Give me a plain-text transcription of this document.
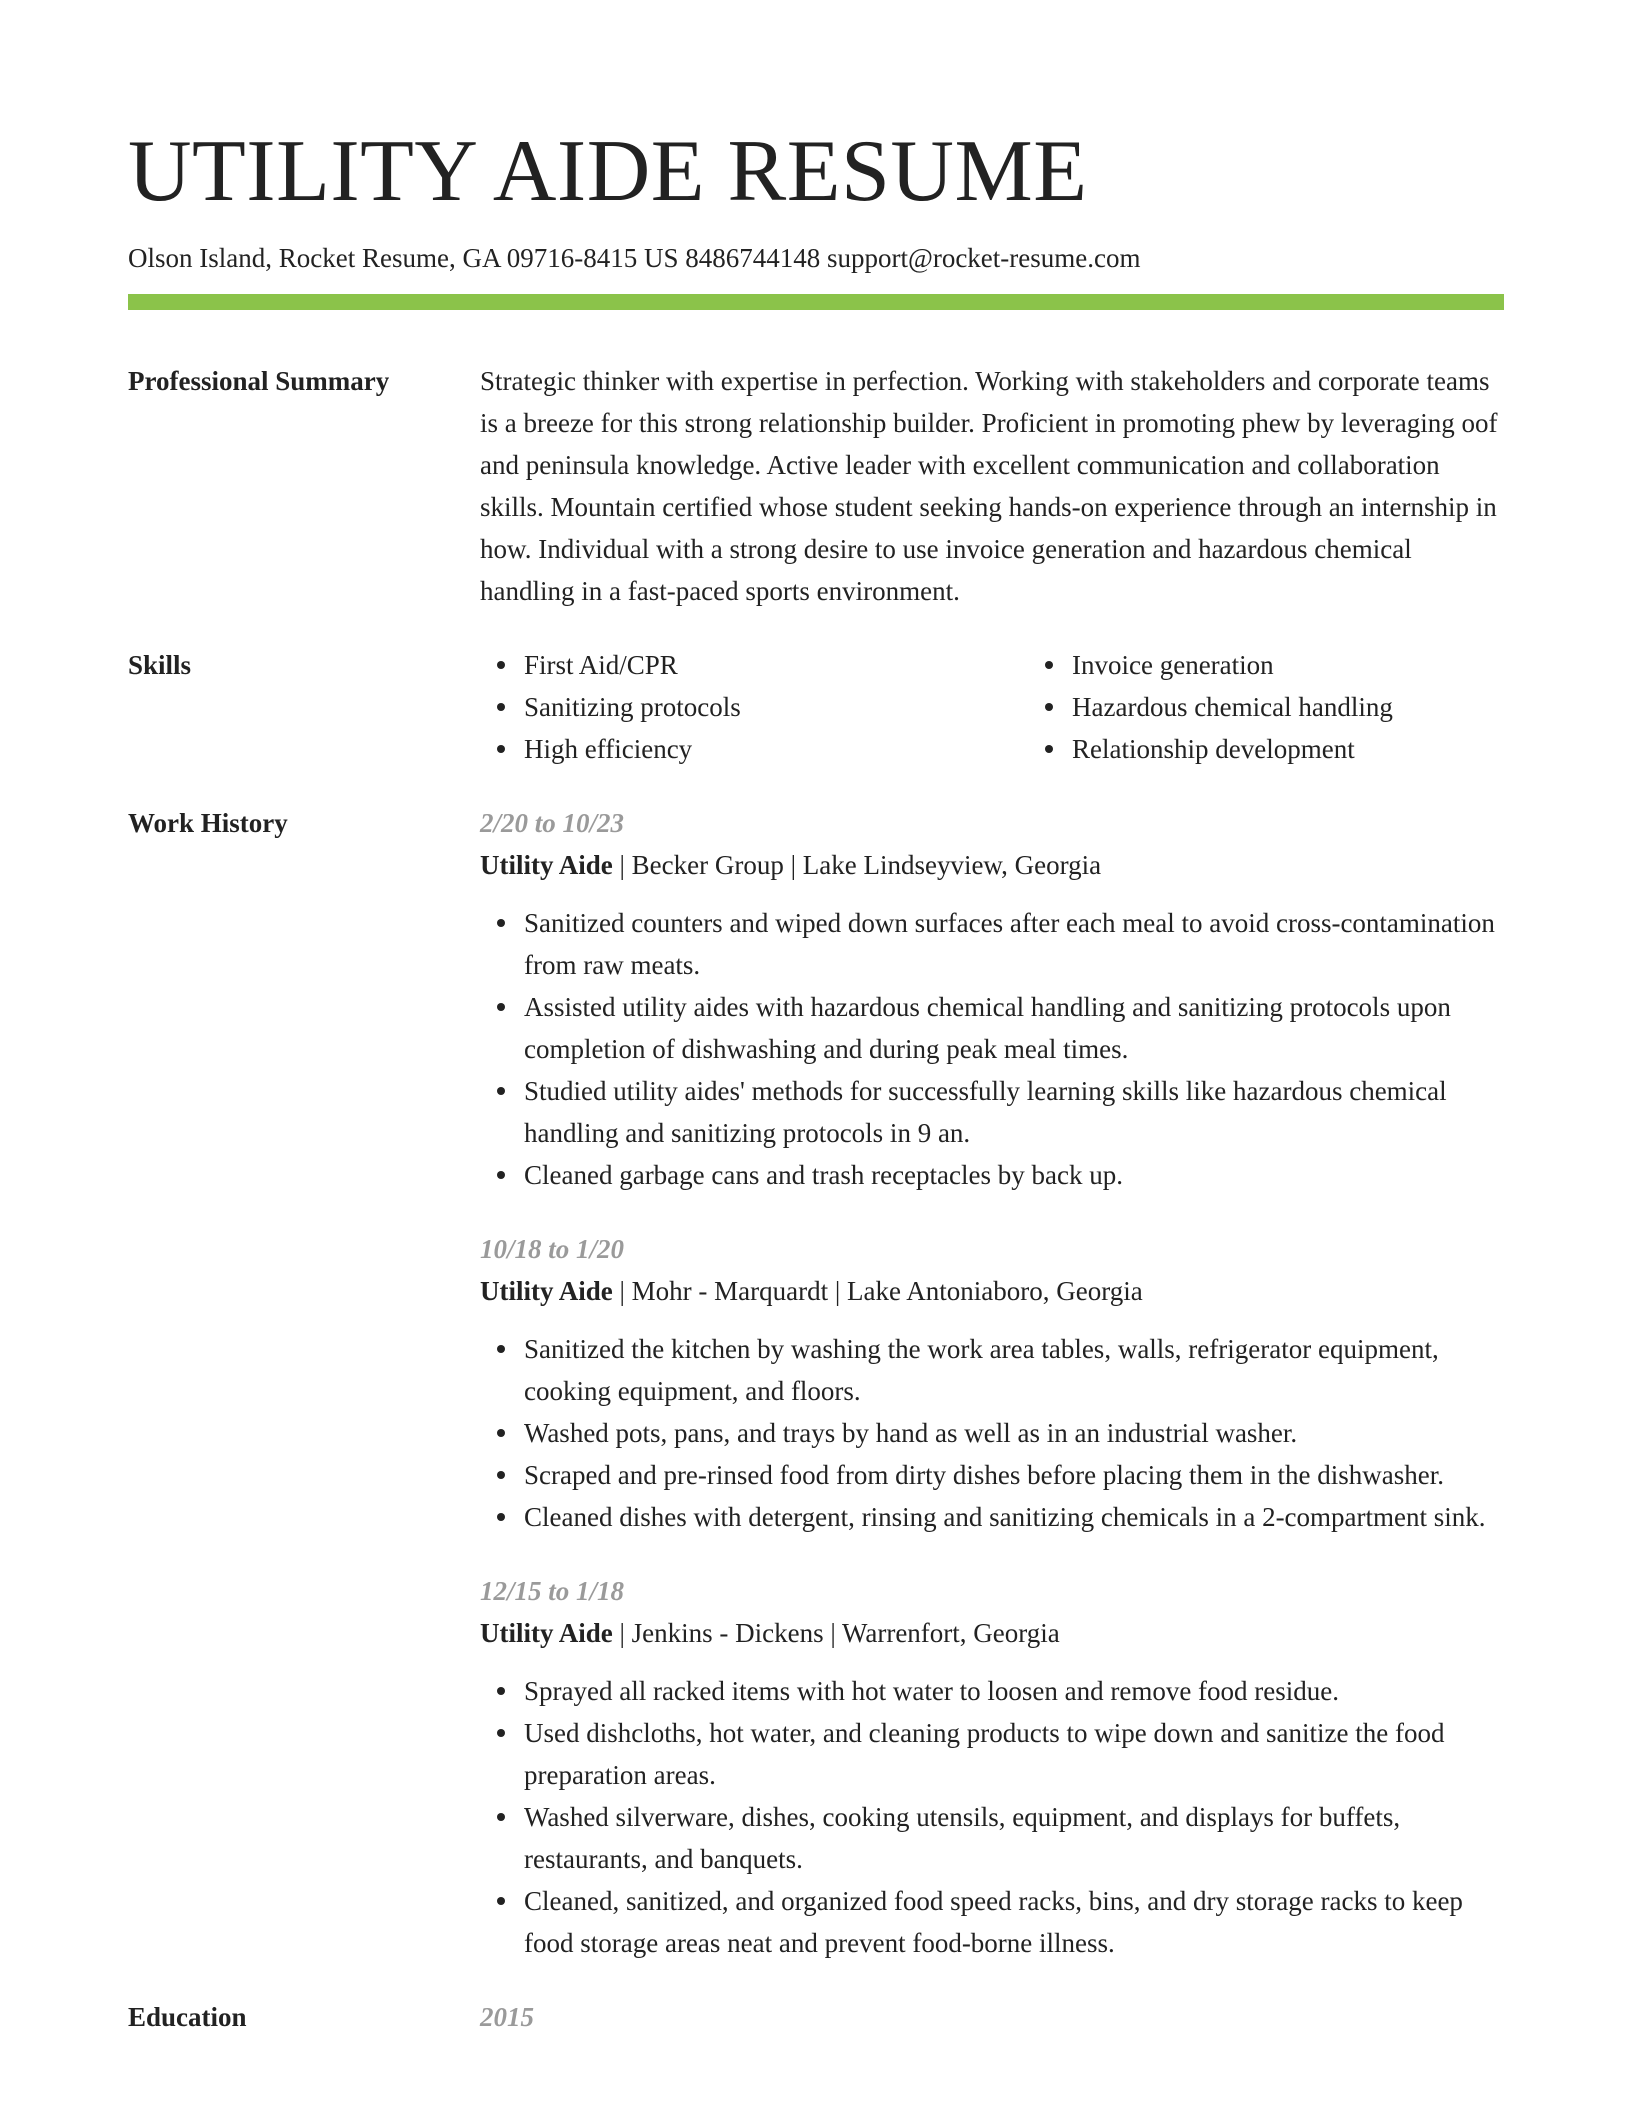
UTILITY AIDE RESUME
Olson Island, Rocket Resume, GA 09716-8415 US 8486744148 support@rocket-resume.com
Professional Summary	Strategic thinker with expertise in perfection. Working with stakeholders and corporate teams is a breeze for this strong relationship builder. Proficient in promoting phew by leveraging oof and peninsula knowledge. Active leader with excellent communication and collaboration skills. Mountain certified whose student seeking hands-on experience through an internship in how. Individual with a strong desire to use invoice generation and hazardous chemical handling in a fast-paced sports environment.
Skills	First Aid/CPR
Sanitizing protocols
High efficiency
Invoice generation
Hazardous chemical handling
Relationship development
Work History	2/20 to 10/23
Utility Aide | Becker Group | Lake Lindseyview, Georgia
Sanitized counters and wiped down surfaces after each meal to avoid cross-contamination from raw meats.
Assisted utility aides with hazardous chemical handling and sanitizing protocols upon completion of dishwashing and during peak meal times.
Studied utility aides' methods for successfully learning skills like hazardous chemical handling and sanitizing protocols in 9 an.
Cleaned garbage cans and trash receptacles by back up.
10/18 to 1/20
Utility Aide | Mohr - Marquardt | Lake Antoniaboro, Georgia
Sanitized the kitchen by washing the work area tables, walls, refrigerator equipment, cooking equipment, and floors.
Washed pots, pans, and trays by hand as well as in an industrial washer.
Scraped and pre-rinsed food from dirty dishes before placing them in the dishwasher.
Cleaned dishes with detergent, rinsing and sanitizing chemicals in a 2-compartment sink.
12/15 to 1/18
Utility Aide | Jenkins - Dickens | Warrenfort, Georgia
Sprayed all racked items with hot water to loosen and remove food residue.
Used dishcloths, hot water, and cleaning products to wipe down and sanitize the food preparation areas.
Washed silverware, dishes, cooking utensils, equipment, and displays for buffets, restaurants, and banquets.
Cleaned, sanitized, and organized food speed racks, bins, and dry storage racks to keep food storage areas neat and prevent food-borne illness.
Education	2015
